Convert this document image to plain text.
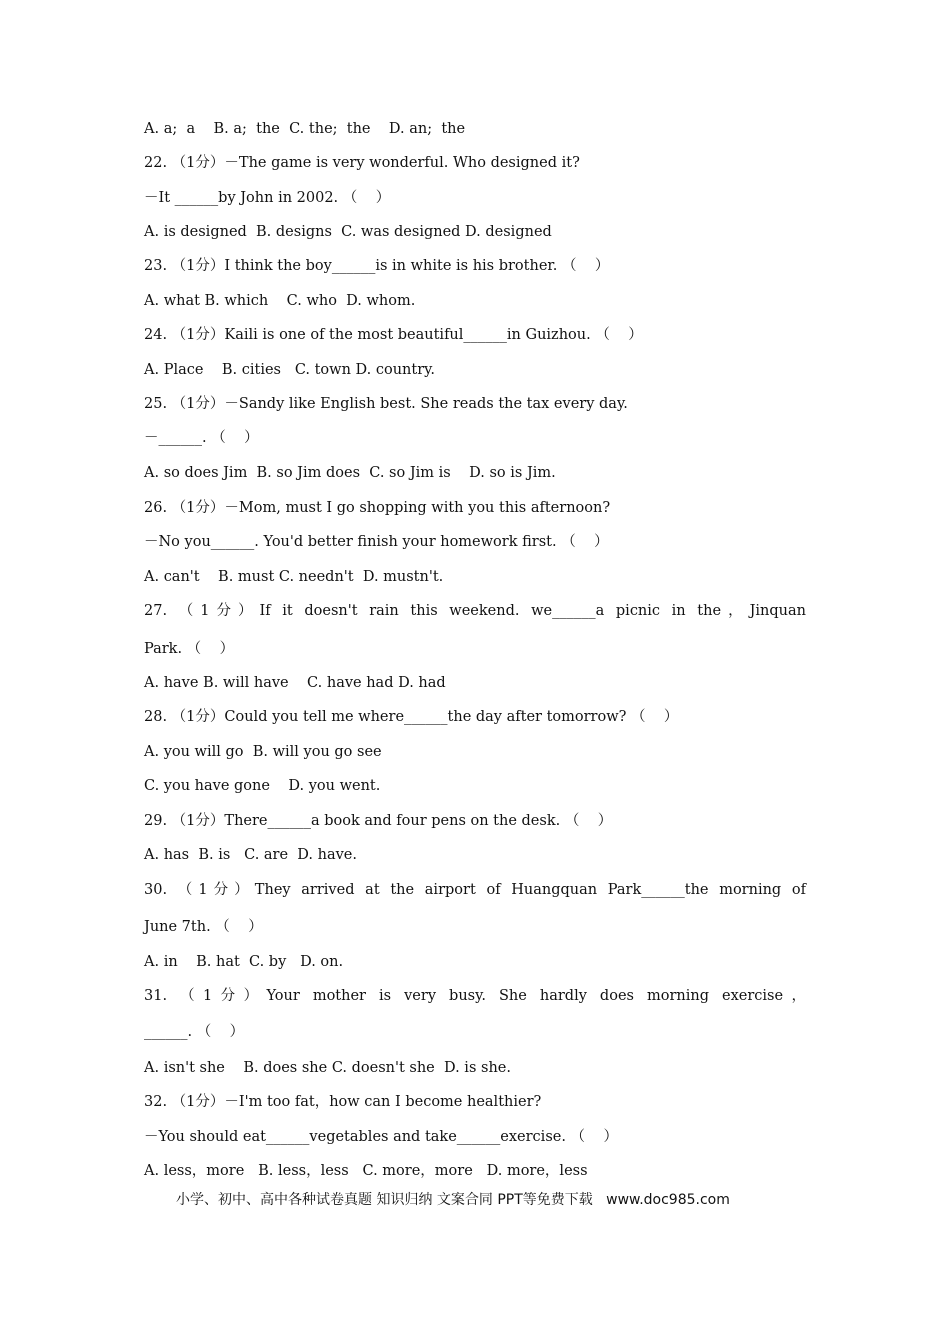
A. a;  a    B. a;  the  C. the;  the    D. an;  the
22. （1分）－The game is very wonderful. Who designed it?
－It ______by John in 2002. （    ）
A. is designed  B. designs  C. was designed D. designed
23. （1分）I think the boy______is in white is his brother. （    ）
A. what B. which    C. who  D. whom.
24. （1分）Kaili is one of the most beautiful______in Guizhou. （    ）
A. Place    B. cities   C. town D. country.
25. （1分）－Sandy like English best. She reads the tax every day.
－______. （    ）
A. so does Jim  B. so Jim does  C. so Jim is    D. so is Jim.
26. （1分）－Mom, must I go shopping with you this afternoon?
－No you______. You'd better finish your homework first. （    ）
A. can't    B. must C. needn't  D. mustn't.
27. （1分）If it doesn't rain this weekend. we______a picnic in the，Jinquan
Park. （    ）
A. have B. will have    C. have had D. had
28. （1分）Could you tell me where______the day after tomorrow? （    ）
A. you will go  B. will you go see
C. you have gone    D. you went.
29. （1分）There______a book and four pens on the desk. （    ）
A. has  B. is   C. are  D. have.
30. （1分）They arrived at the airport of Huangquan Park______the morning of
June 7th. （    ）
A. in    B. hat  C. by   D. on.
31. （1分）Your mother is very busy. She hardly does morning exercise，
______. （    ）
A. isn't she    B. does she C. doesn't she  D. is she.
32. （1分）－I'm too fat，how can I become healthier?
－You should eat______vegetables and take______exercise. （    ）
A. less，more   B. less，less   C. more，more   D. more，less
小学、初中、高中各种试卷真题 知识归纳 文案合同 PPT等免费下载   www.doc985.com
